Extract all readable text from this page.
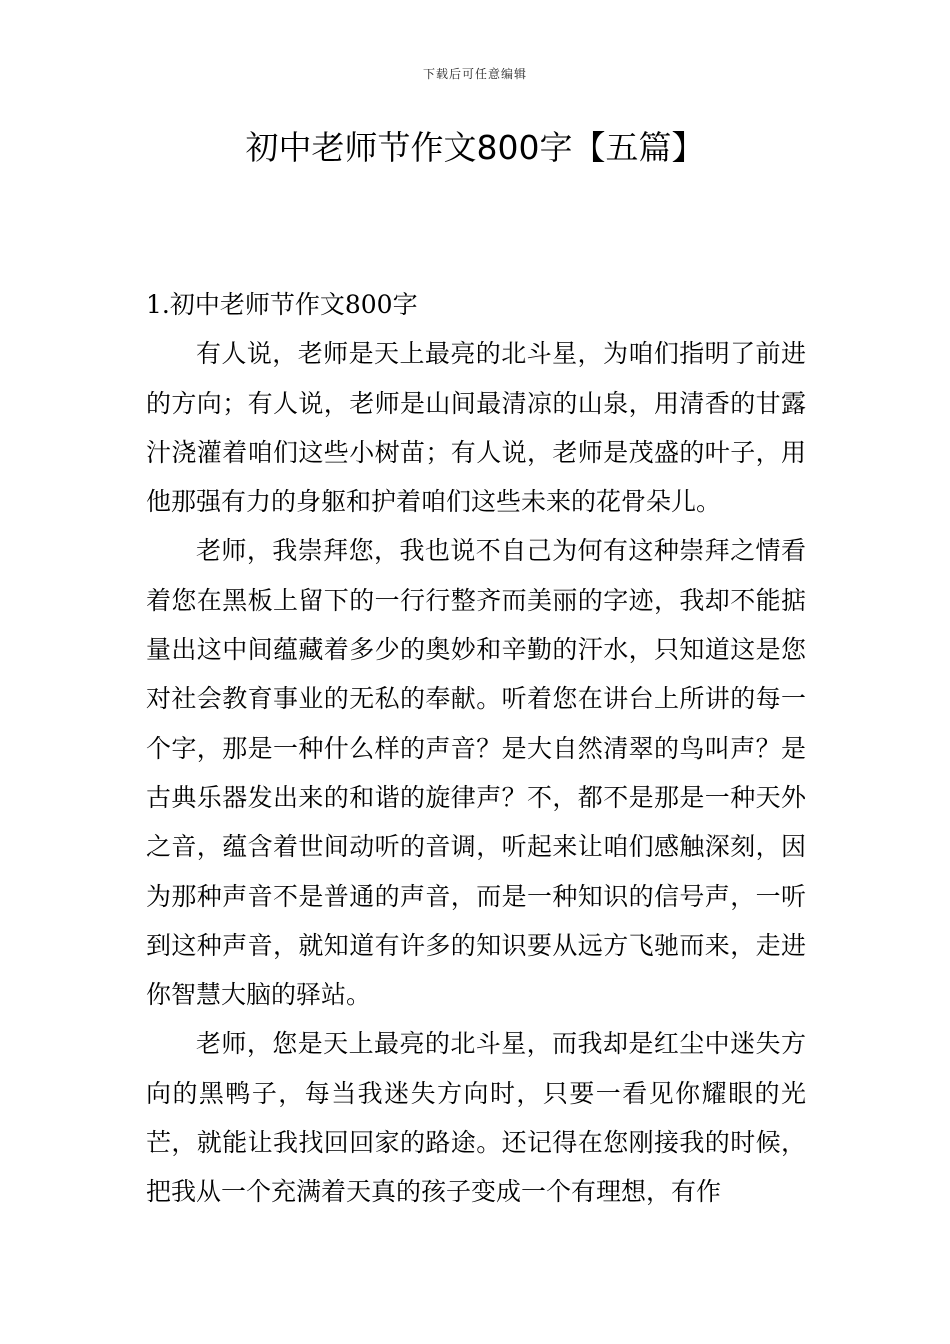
下载后可任意编辑
初中老师节作文800字【五篇】
1.初中老师节作文800字

有人说，老师是天上最亮的北斗星，为咱们指明了前进的方向；有人说，老师是山间最清凉的山泉，用清香的甘露汁浇灌着咱们这些小树苗；有人说，老师是茂盛的叶子，用他那强有力的身躯和护着咱们这些未来的花骨朵儿。

老师，我崇拜您，我也说不自己为何有这种崇拜之情看着您在黑板上留下的一行行整齐而美丽的字迹，我却不能掂量出这中间蕴藏着多少的奥妙和辛勤的汗水，只知道这是您对社会教育事业的无私的奉献。听着您在讲台上所讲的每一个字，那是一种什么样的声音？是大自然清翠的鸟叫声？是古典乐器发出来的和谐的旋律声？不，都不是那是一种天外之音，蕴含着世间动听的音调，听起来让咱们感触深刻，因为那种声音不是普通的声音，而是一种知识的信号声，一听到这种声音，就知道有许多的知识要从远方飞驰而来，走进你智慧大脑的驿站。

老师，您是天上最亮的北斗星，而我却是红尘中迷失方向的黑鸭子，每当我迷失方向时，只要一看见你耀眼的光芒，就能让我找回回家的路途。还记得在您刚接我的时候，把我从一个充满着天真的孩子变成一个有理想，有作
